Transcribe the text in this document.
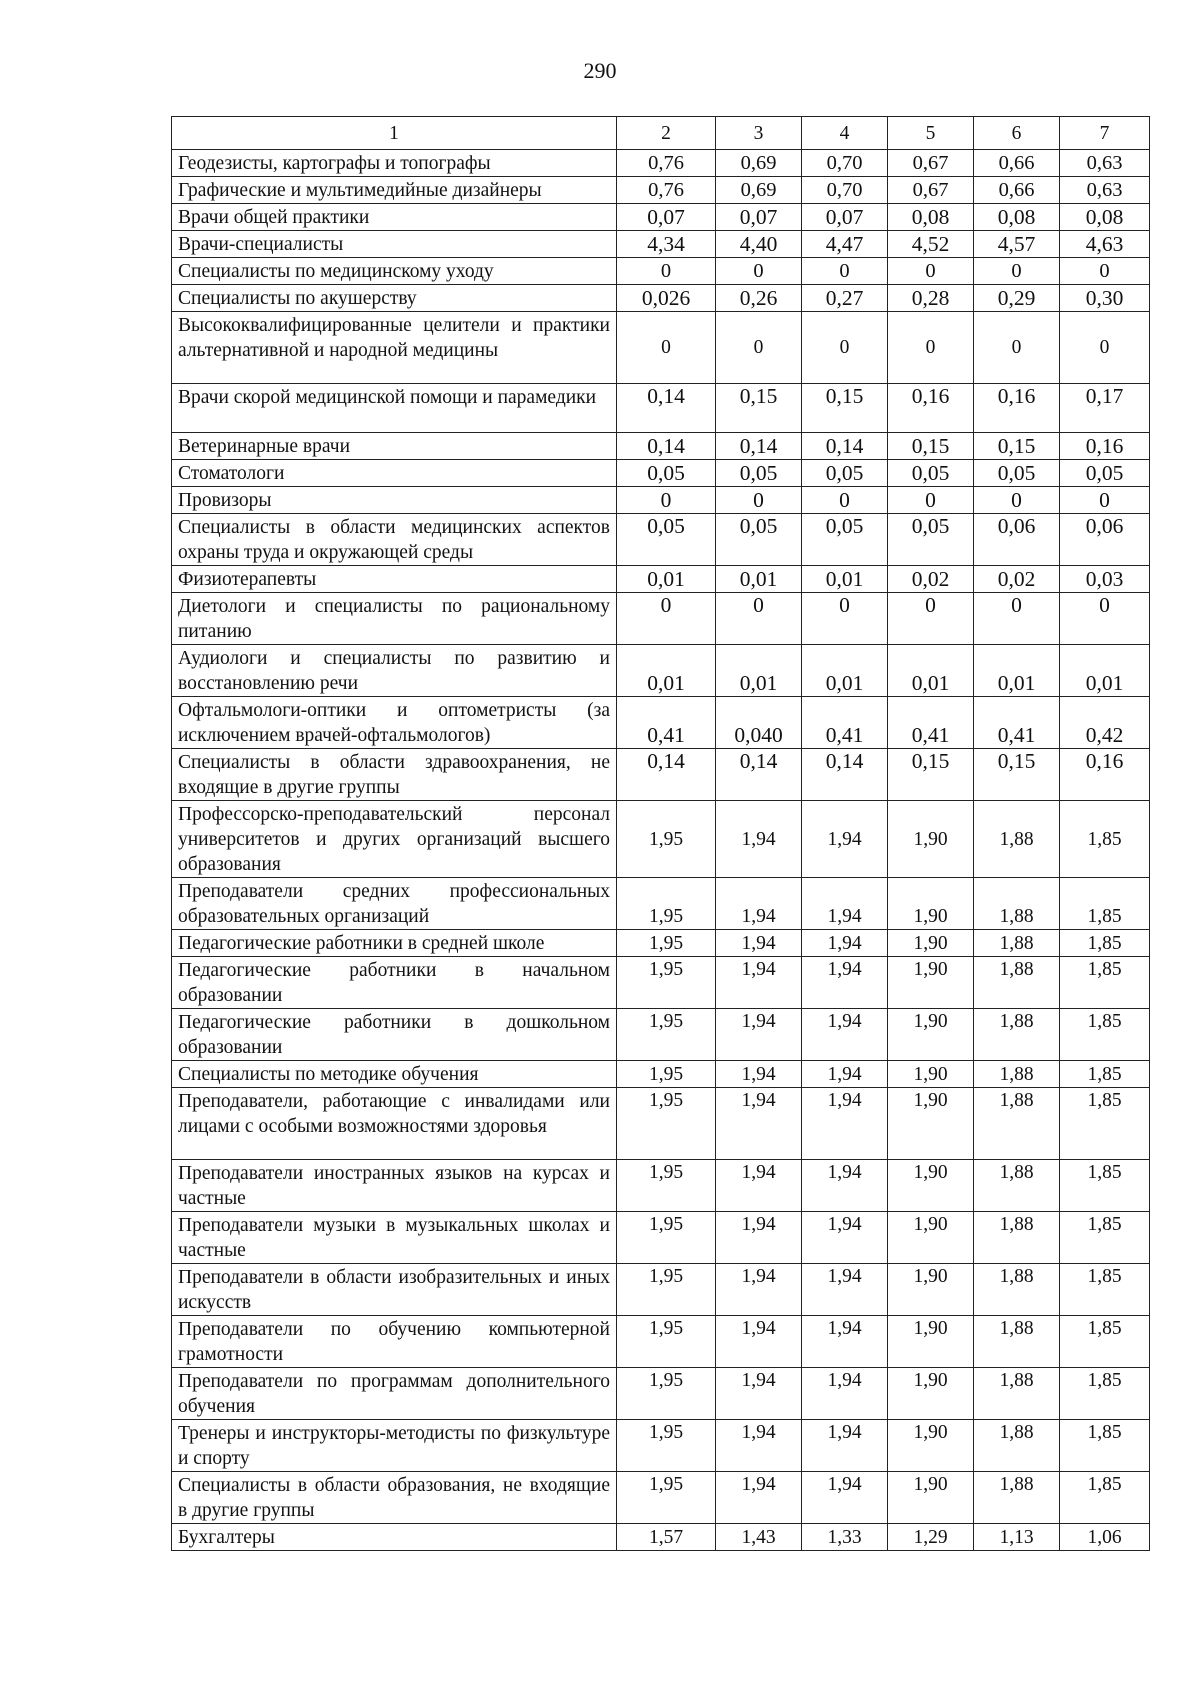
290
1	2	3	4	5	6	7
Геодезисты, картографы и топографы	0,76	0,69	0,70	0,67	0,66	0,63
Графические и мультимедийные дизайнеры	0,76	0,69	0,70	0,67	0,66	0,63
Врачи общей практики	0,07	0,07	0,07	0,08	0,08	0,08
Врачи-специалисты	4,34	4,40	4,47	4,52	4,57	4,63
Специалисты по медицинскому уходу	0	0	0	0	0	0
Специалисты по акушерству	0,026	0,26	0,27	0,28	0,29	0,30
Высококвалифицированные целители и практики альтернативной и народной медицины	0	0	0	0	0	0
Врачи скорой медицинской помощи и парамедики	0,14	0,15	0,15	0,16	0,16	0,17
Ветеринарные врачи	0,14	0,14	0,14	0,15	0,15	0,16
Стоматологи	0,05	0,05	0,05	0,05	0,05	0,05
Провизоры	0	0	0	0	0	0
Специалисты в области медицинских аспектов охраны труда и окружающей среды	0,05	0,05	0,05	0,05	0,06	0,06
Физиотерапевты	0,01	0,01	0,01	0,02	0,02	0,03
Диетологи и специалисты по рациональному питанию	0	0	0	0	0	0
Аудиологи и специалисты по развитию и восстановлению речи	0,01	0,01	0,01	0,01	0,01	0,01
Офтальмологи-оптики и оптометристы (за исключением врачей-офтальмологов)	0,41	0,040	0,41	0,41	0,41	0,42
Специалисты в области здравоохранения, не входящие в другие группы	0,14	0,14	0,14	0,15	0,15	0,16
Профессорско-преподавательский персонал университетов и других организаций высшего образования	1,95	1,94	1,94	1,90	1,88	1,85
Преподаватели средних профессиональных образовательных организаций	1,95	1,94	1,94	1,90	1,88	1,85
Педагогические работники в средней школе	1,95	1,94	1,94	1,90	1,88	1,85
Педагогические работники в начальном образовании	1,95	1,94	1,94	1,90	1,88	1,85
Педагогические работники в дошкольном образовании	1,95	1,94	1,94	1,90	1,88	1,85
Специалисты по методике обучения	1,95	1,94	1,94	1,90	1,88	1,85
Преподаватели, работающие с инвалидами или лицами с особыми возможностями здоровья	1,95	1,94	1,94	1,90	1,88	1,85
Преподаватели иностранных языков на курсах и частные	1,95	1,94	1,94	1,90	1,88	1,85
Преподаватели музыки в музыкальных школах и частные	1,95	1,94	1,94	1,90	1,88	1,85
Преподаватели в области изобразительных и иных искусств	1,95	1,94	1,94	1,90	1,88	1,85
Преподаватели по обучению компьютерной грамотности	1,95	1,94	1,94	1,90	1,88	1,85
Преподаватели по программам дополнительного обучения	1,95	1,94	1,94	1,90	1,88	1,85
Тренеры и инструкторы-методисты по физкультуре и спорту	1,95	1,94	1,94	1,90	1,88	1,85
Специалисты в области образования, не входящие в другие группы	1,95	1,94	1,94	1,90	1,88	1,85
Бухгалтеры	1,57	1,43	1,33	1,29	1,13	1,06
